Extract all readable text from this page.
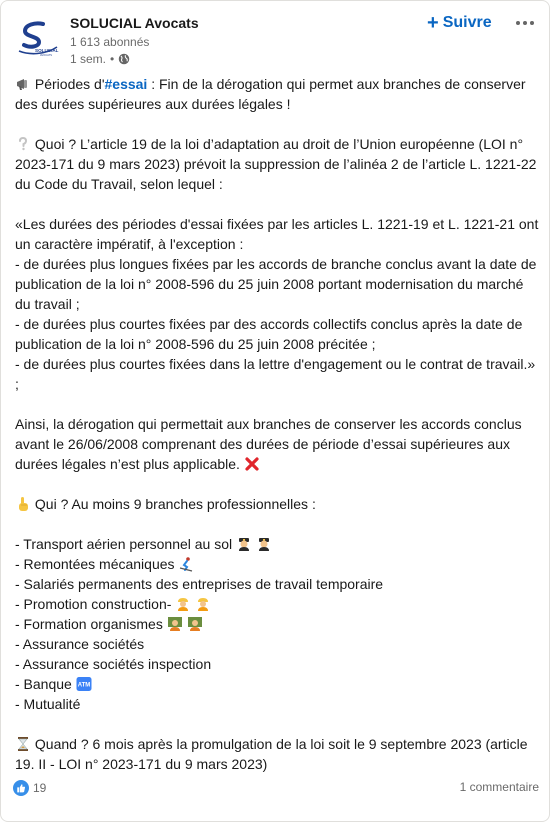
SOLUCIAL
AVOCATS
SOLUCIAL Avocats
1 613 abonnés
1 sem. •
+ Suivre

Périodes d'#essai : Fin de la dérogation qui permet aux branches de conserver des durées supérieures aux durées légales !

Quoi ? L’article 19 de la loi d’adaptation au droit de l’Union européenne (LOI n° 2023-171 du 9 mars 2023) prévoit la suppression de l’alinéa 2 de l’article L. 1221-22 du Code du Travail, selon lequel :

«Les durées des périodes d'essai fixées par les articles L. 1221-19 et L. 1221-21 ont un caractère impératif, à l'exception :

- de durées plus longues fixées par les accords de branche conclus avant la date de publication de la loi n° 2008-596 du 25 juin 2008 portant modernisation du marché du travail ;

- de durées plus courtes fixées par des accords collectifs conclus après la date de publication de la loi n° 2008-596 du 25 juin 2008 précitée ;

- de durées plus courtes fixées dans la lettre d'engagement ou le contrat de travail.» ;

Ainsi, la dérogation qui permettait aux branches de conserver les accords conclus avant le 26/06/2008 comprenant des durées de période d’essai supérieures aux durées légales n’est plus applicable.

Qui ? Au moins 9 branches professionnelles :

- Transport aérien personnel au sol

- Remontées mécaniques

- Salariés permanents des entreprises de travail temporaire

- Promotion construction-

- Formation organismes

- Assurance sociétés

- Assurance sociétés inspection

- Banque ATM

- Mutualité

Quand ? 6 mois après la promulgation de la loi soit le 9 septembre 2023 (article 19. II - LOI n° 2023-171 du 9 mars 2023)

19	1 commentaire
